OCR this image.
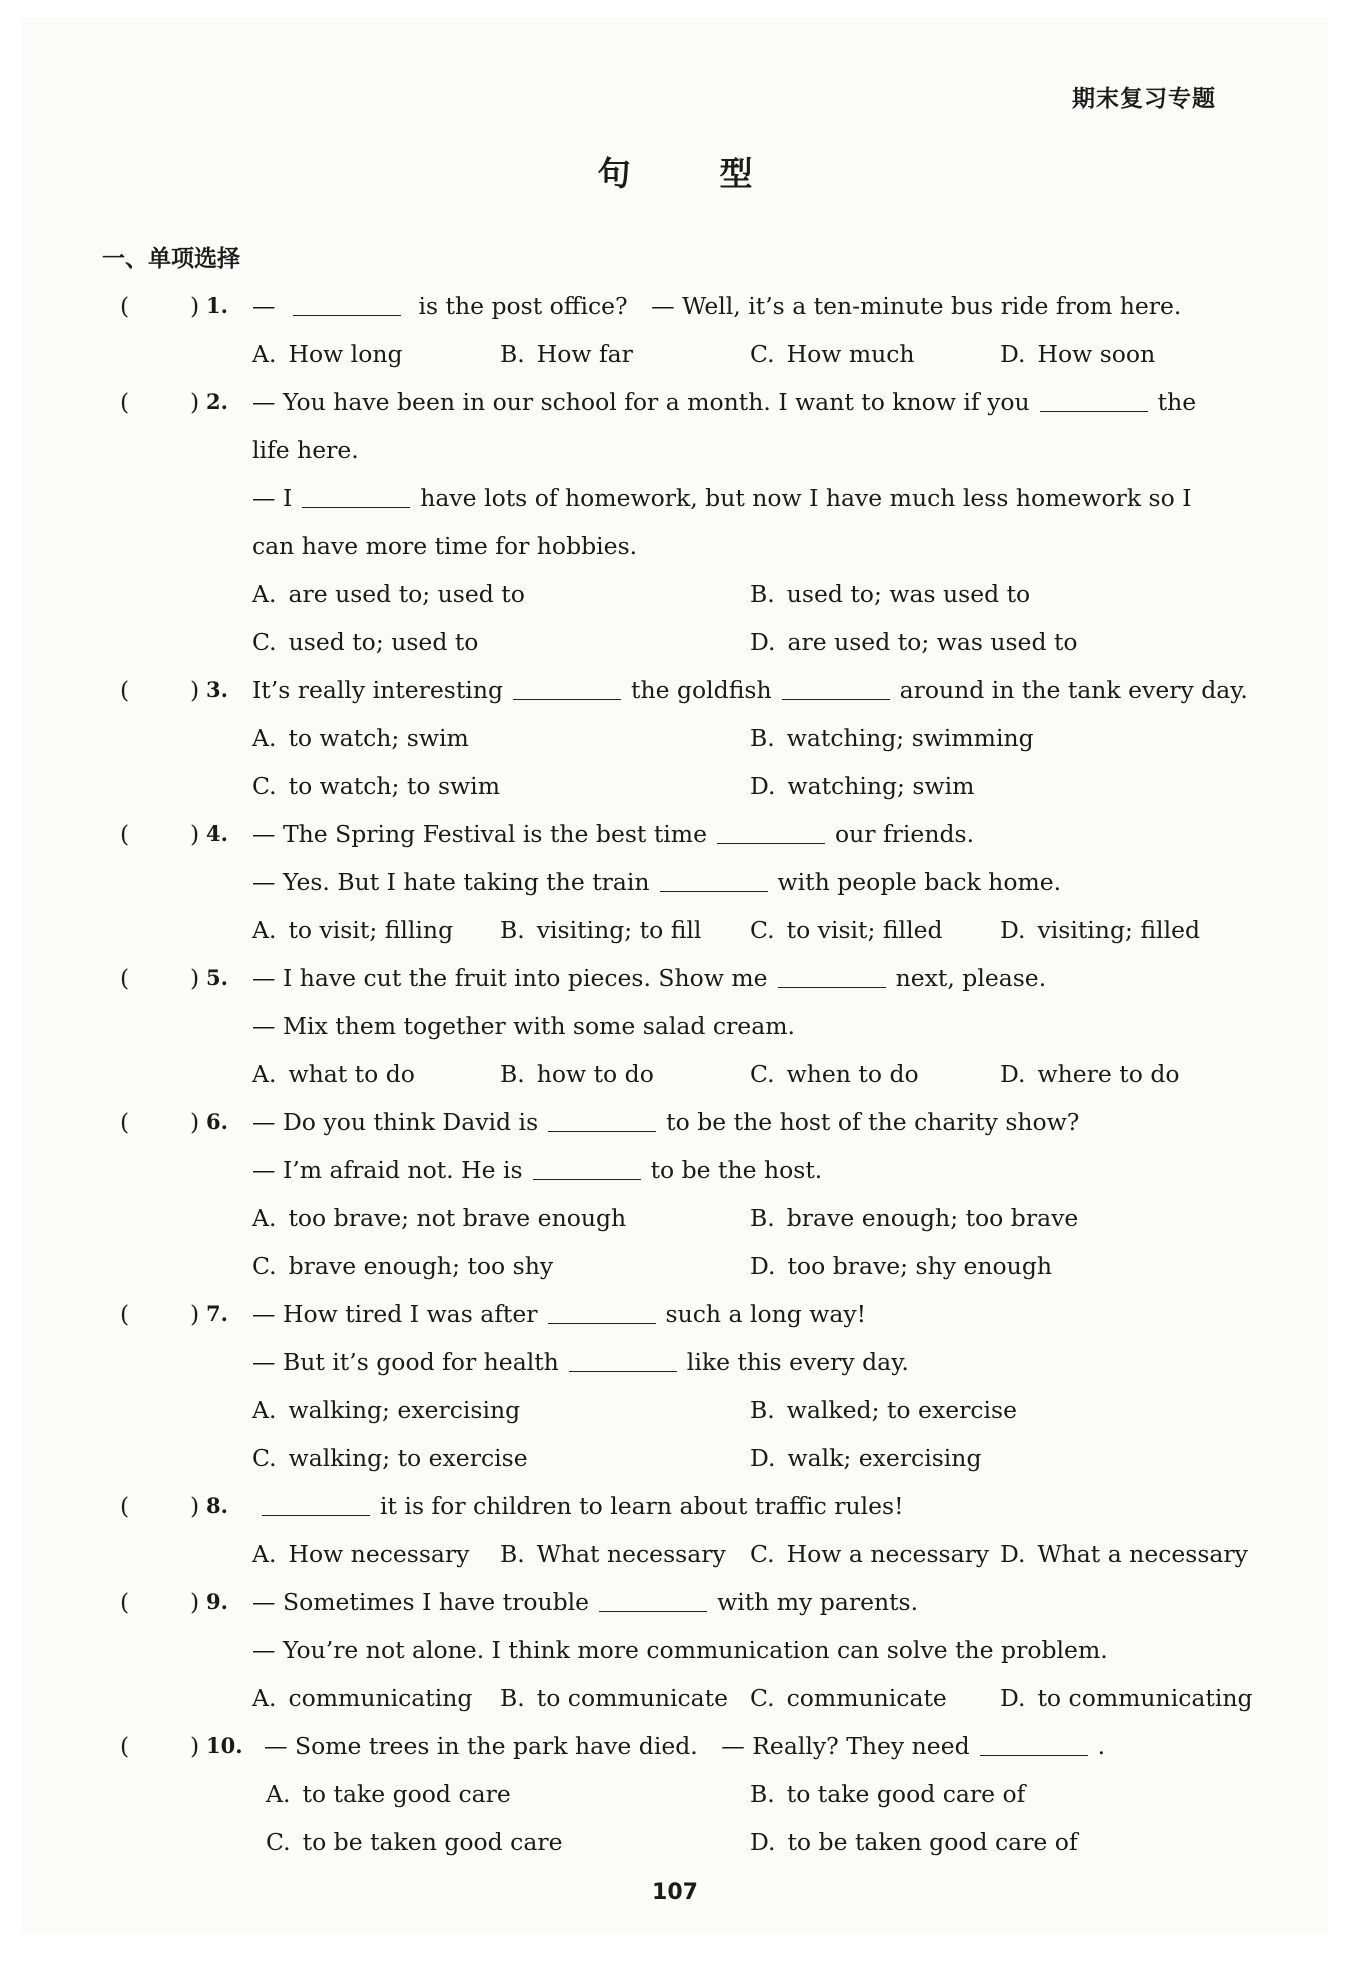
期末复习专题
句　型
一、单项选择
(	) 1. —	is the post office?　— Well, it’s a ten-minute bus ride from here.
A. How long	B. How far	C. How much	D. How soon
(	) 2. — You have been in our school for a month. I want to know if you	the
life here.
— I	have lots of homework, but now I have much less homework so I
can have more time for hobbies.
A. are used to; used to	B. used to; was used to
C. used to; used to	D. are used to; was used to
(	) 3. It’s really interesting	the goldfish	around in the tank every day.
A. to watch; swim	B. watching; swimming
C. to watch; to swim	D. watching; swim
(	) 4. — The Spring Festival is the best time	our friends.
— Yes. But I hate taking the train	with people back home.
A. to visit; filling B. visiting; to fill C. to visit; filled D. visiting; filled
(	) 5. — I have cut the fruit into pieces. Show me	next, please.
— Mix them together with some salad cream.
A. what to do	B. how to do	C. when to do	D. where to do
(	) 6. — Do you think David is	to be the host of the charity show?
— I’m afraid not. He is	to be the host.
A. too brave; not brave enough	B. brave enough; too brave
C. brave enough; too shy	D. too brave; shy enough
(	) 7. — How tired I was after	such a long way!
— But it’s good for health	like this every day.
A. walking; exercising	B. walked; to exercise
C. walking; to exercise	D. walk; exercising
(	) 8.	it is for children to learn about traffic rules!
A. How necessary B. What necessary C. How a necessary D. What a necessary
(	) 9. — Sometimes I have trouble	with my parents.
— You’re not alone. I think more communication can solve the problem.
A. communicating B. to communicate C. communicate D. to communicating
(	) 10. — Some trees in the park have died.　— Really? They need	.
A. to take good care	B. to take good care of
C. to be taken good care	D. to be taken good care of
107
